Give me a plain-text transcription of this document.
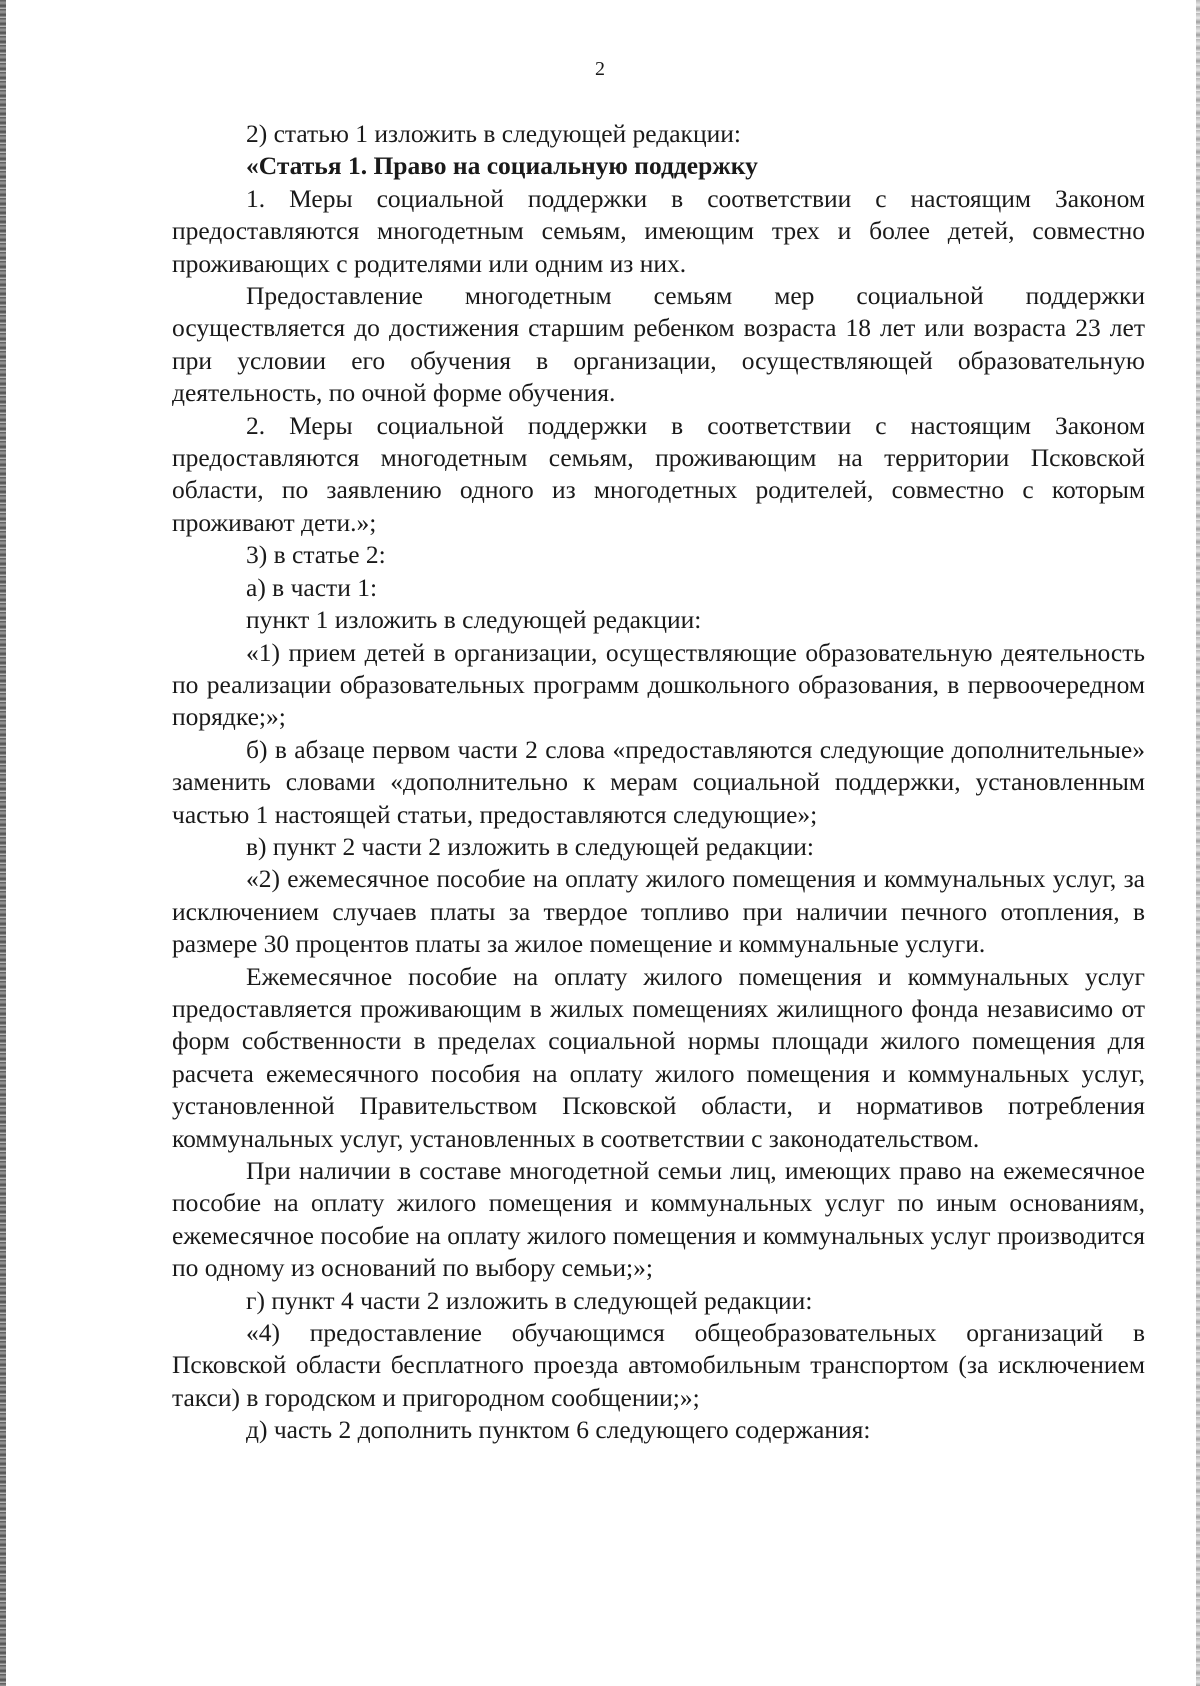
2

2) статью 1 изложить в следующей редакции:

«Статья 1. Право на социальную поддержку

1. Меры социальной поддержки в соответствии с настоящим Законом предоставляются многодетным семьям, имеющим трех и более детей, совместно проживающих с родителями или одним из них.

Предоставление многодетным семьям мер социальной поддержки осуществляется до достижения старшим ребенком возраста 18 лет или возраста 23 лет при условии его обучения в организации, осуществляющей образовательную деятельность, по очной форме обучения.

2. Меры социальной поддержки в соответствии с настоящим Законом предоставляются многодетным семьям, проживающим на территории Псковской области, по заявлению одного из многодетных родителей, совместно с которым проживают дети.»;

3) в статье 2:

а) в части 1:

пункт 1 изложить в следующей редакции:

«1) прием детей в организации, осуществляющие образовательную деятельность по реализации образовательных программ дошкольного образования, в первоочередном порядке;»;

б) в абзаце первом части 2 слова «предоставляются следующие дополнительные» заменить словами «дополнительно к мерам социальной поддержки, установленным частью 1 настоящей статьи, предоставляются следующие»;

в) пункт 2 части 2 изложить в следующей редакции:

«2) ежемесячное пособие на оплату жилого помещения и коммунальных услуг, за исключением случаев платы за твердое топливо при наличии печного отопления, в размере 30 процентов платы за жилое помещение и коммунальные услуги.

Ежемесячное пособие на оплату жилого помещения и коммунальных услуг предоставляется проживающим в жилых помещениях жилищного фонда независимо от форм собственности в пределах социальной нормы площади жилого помещения для расчета ежемесячного пособия на оплату жилого помещения и коммунальных услуг, установленной Правительством Псковской области, и нормативов потребления коммунальных услуг, установленных в соответствии с законодательством.

При наличии в составе многодетной семьи лиц, имеющих право на ежемесячное пособие на оплату жилого помещения и коммунальных услуг по иным основаниям, ежемесячное пособие на оплату жилого помещения и коммунальных услуг производится по одному из оснований по выбору семьи;»;

г) пункт 4 части 2 изложить в следующей редакции:

«4) предоставление обучающимся общеобразовательных организаций в Псковской области бесплатного проезда автомобильным транспортом (за исключением такси) в городском и пригородном сообщении;»;

д) часть 2 дополнить пунктом 6 следующего содержания:
